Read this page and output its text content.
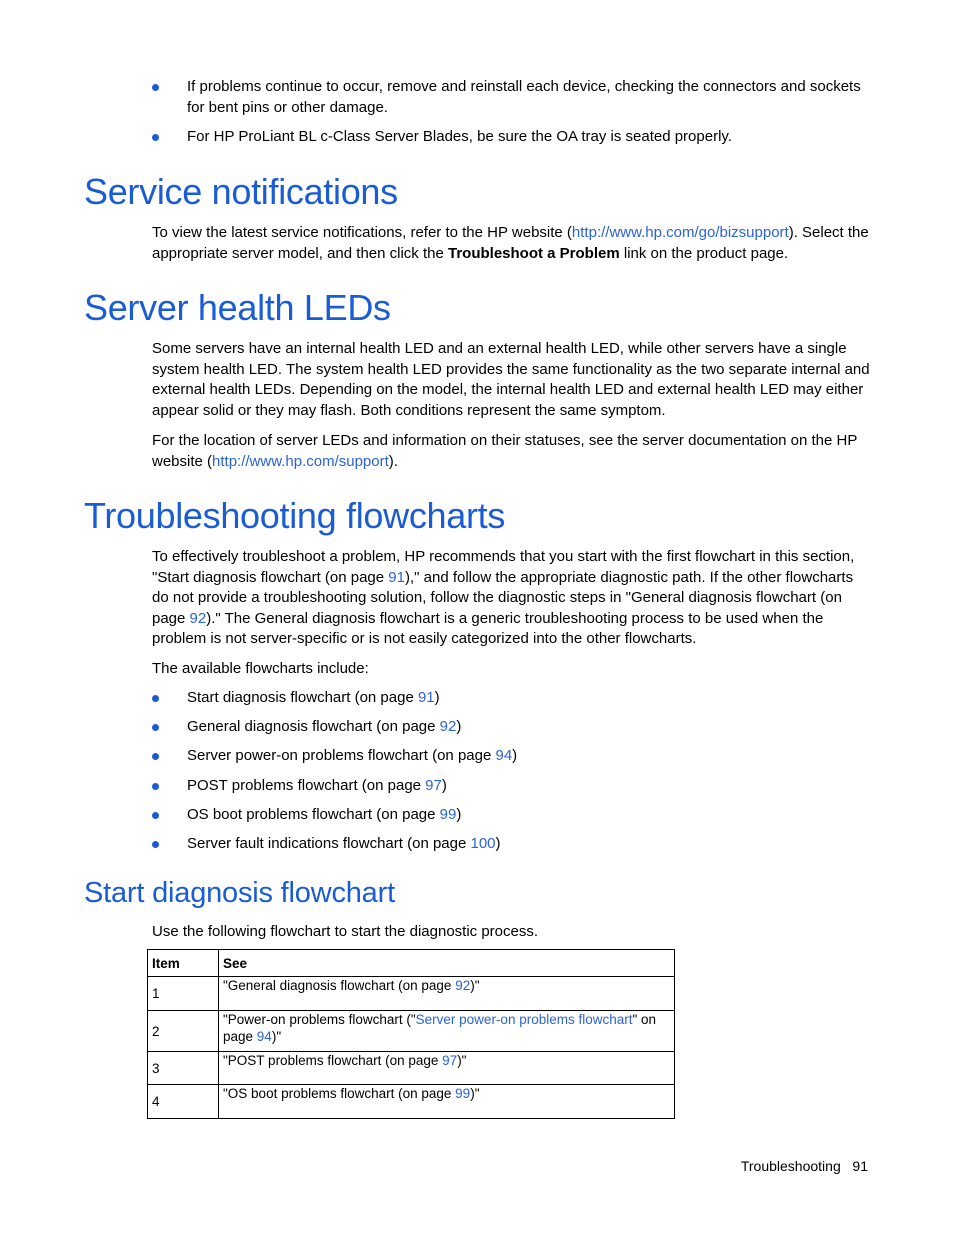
If problems continue to occur, remove and reinstall each device, checking the connectors and sockets for bent pins or other damage.
For HP ProLiant BL c-Class Server Blades, be sure the OA tray is seated properly.
Service notifications
To view the latest service notifications, refer to the HP website (http://www.hp.com/go/bizsupport). Select the appropriate server model, and then click the Troubleshoot a Problem link on the product page.
Server health LEDs
Some servers have an internal health LED and an external health LED, while other servers have a single system health LED. The system health LED provides the same functionality as the two separate internal and external health LEDs. Depending on the model, the internal health LED and external health LED may either appear solid or they may flash. Both conditions represent the same symptom.
For the location of server LEDs and information on their statuses, see the server documentation on the HP website (http://www.hp.com/support).
Troubleshooting flowcharts
To effectively troubleshoot a problem, HP recommends that you start with the first flowchart in this section, "Start diagnosis flowchart (on page 91)," and follow the appropriate diagnostic path. If the other flowcharts do not provide a troubleshooting solution, follow the diagnostic steps in "General diagnosis flowchart (on page 92)." The General diagnosis flowchart is a generic troubleshooting process to be used when the problem is not server-specific or is not easily categorized into the other flowcharts.
The available flowcharts include:
Start diagnosis flowchart (on page 91)
General diagnosis flowchart (on page 92)
Server power-on problems flowchart (on page 94)
POST problems flowchart (on page 97)
OS boot problems flowchart (on page 99)
Server fault indications flowchart (on page 100)
Start diagnosis flowchart
Use the following flowchart to start the diagnostic process.
Item	See
1	"General diagnosis flowchart (on page 92)"
2	"Power-on problems flowchart ("Server power-on problems flowchart" on page 94)"
3	"POST problems flowchart (on page 97)"
4	"OS boot problems flowchart (on page 99)"
Troubleshooting 91
